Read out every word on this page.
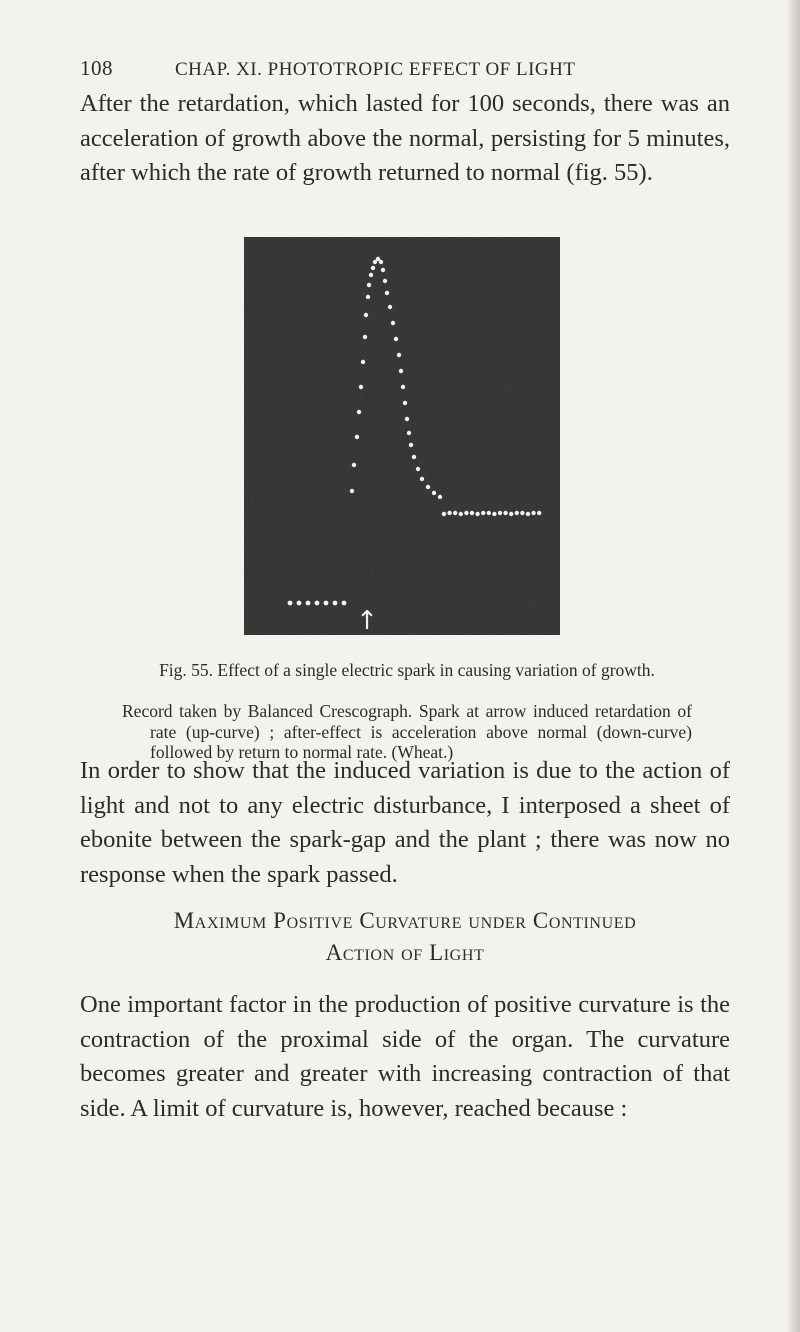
108	CHAP. XI. PHOTOTROPIC EFFECT OF LIGHT

After the retardation, which lasted for 100 seconds, there was an acceleration of growth above the normal, persisting for 5 minutes, after which the rate of growth returned to normal (fig. 55).

↑

Fig. 55. Effect of a single electric spark in causing variation of growth.

Record taken by Balanced Crescograph. Spark at arrow induced retardation of rate (up-curve) ; after-effect is acceleration above normal (down-curve) followed by return to normal rate. (Wheat.)

In order to show that the induced variation is due to the action of light and not to any electric disturbance, I interposed a sheet of ebonite between the spark-gap and the plant ; there was now no response when the spark passed.

Maximum Positive Curvature under Continued
Action of Light

One important factor in the production of positive curvature is the contraction of the proximal side of the organ. The curvature becomes greater and greater with increasing contraction of that side. A limit of curvature is, however, reached because :
